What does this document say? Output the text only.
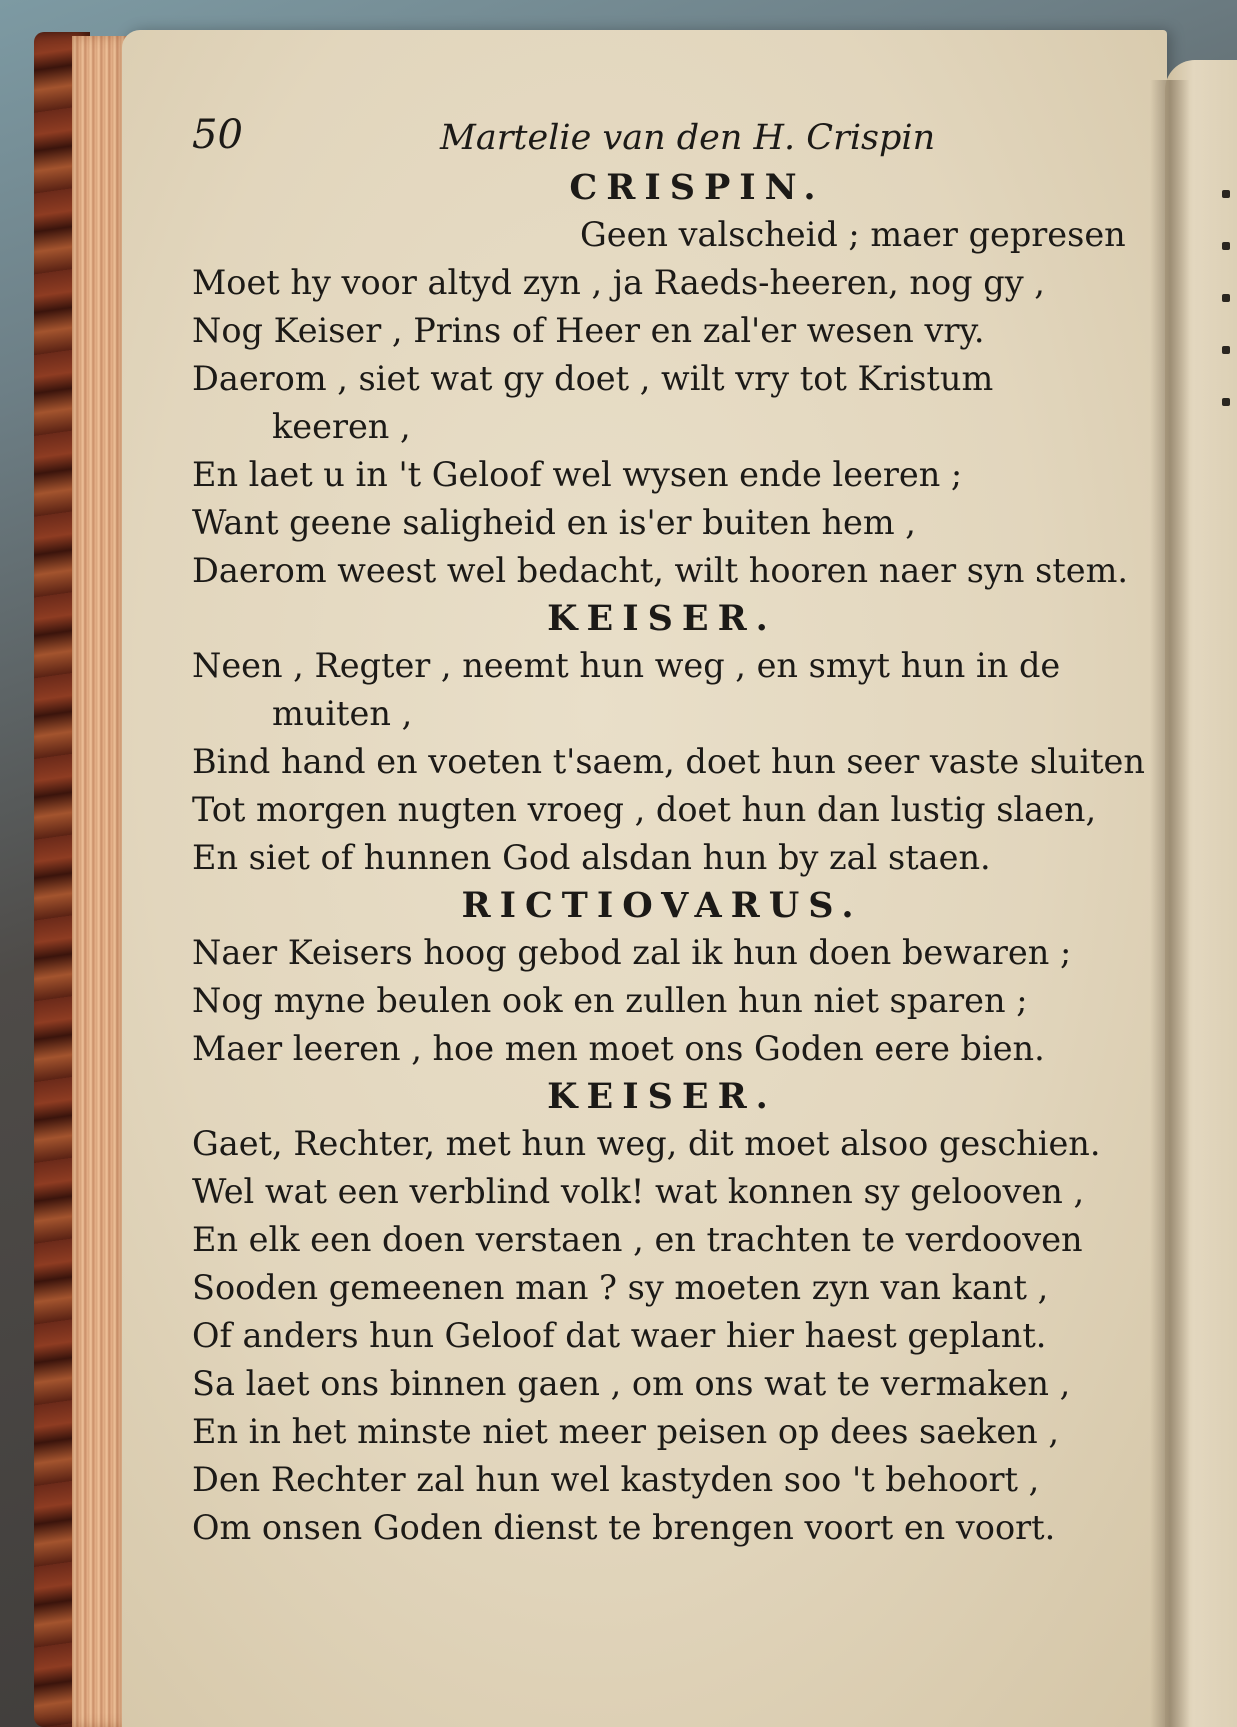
50	Martelie van den H. Crispin
CRISPIN.
Geen valscheid ; maer gepresen
Moet hy voor altyd zyn , ja Raeds-heeren, nog gy ,
Nog Keiser , Prins of Heer en zal'er wesen vry.
Daerom , siet wat gy doet , wilt vry tot Kristum
keeren ,
En laet u in 't Geloof wel wysen ende leeren ;
Want geene saligheid en is'er buiten hem ,
Daerom weest wel bedacht, wilt hooren naer syn stem.
KEISER.
Neen , Regter , neemt hun weg , en smyt hun in de
muiten ,
Bind hand en voeten t'saem, doet hun seer vaste sluiten
Tot morgen nugten vroeg , doet hun dan lustig slaen,
En siet of hunnen God alsdan hun by zal staen.
RICTIOVARUS.
Naer Keisers hoog gebod zal ik hun doen bewaren ;
Nog myne beulen ook en zullen hun niet sparen ;
Maer leeren , hoe men moet ons Goden eere bien.
KEISER.
Gaet, Rechter, met hun weg, dit moet alsoo geschien.
Wel wat een verblind volk! wat konnen sy gelooven ,
En elk een doen verstaen , en trachten te verdooven
Sooden gemeenen man ? sy moeten zyn van kant ,
Of anders hun Geloof dat waer hier haest geplant.
Sa laet ons binnen gaen , om ons wat te vermaken ,
En in het minste niet meer peisen op dees saeken ,
Den Rechter zal hun wel kastyden soo 't behoort ,
Om onsen Goden dienst te brengen voort en voort.
